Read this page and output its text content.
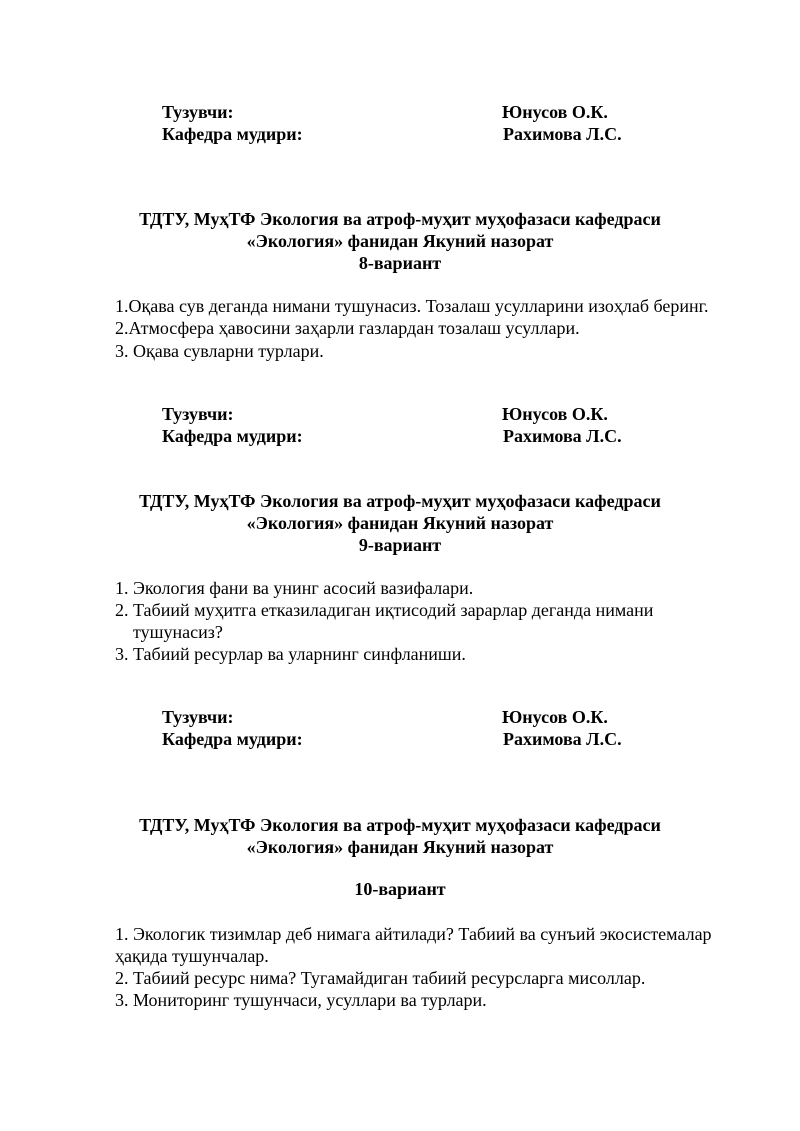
Тузувчи:	Юнусов О.К.
Кафедра мудири:	Рахимова Л.С.
ТДТУ, МуҳТФ Экология ва атроф-муҳит муҳофазаси кафедраси
«Экология» фанидан Якуний назорат
8-вариант
1.Оқава сув деганда нимани тушунасиз. Тозалаш усулларини изоҳлаб беринг.
2.Атмосфера ҳавосини заҳарли газлардан тозалаш усуллари.
3. Оқава сувларни турлари.
Тузувчи:	Юнусов О.К.
Кафедра мудири:	Рахимова Л.С.
ТДТУ, МуҳТФ Экология ва атроф-муҳит муҳофазаси кафедраси
«Экология» фанидан Якуний назорат
9-вариант
1. Экология фани ва унинг асосий вазифалари.
2. Табиий муҳитга етказиладиган иқтисодий зарарлар деганда нимани
тушунасиз?
3. Табиий ресурлар ва уларнинг синфланиши.
Тузувчи:	Юнусов О.К.
Кафедра мудири:	Рахимова Л.С.
ТДТУ, МуҳТФ Экология ва атроф-муҳит муҳофазаси кафедраси
«Экология» фанидан Якуний назорат
10-вариант
1. Экологик тизимлар деб нимага айтилади? Табиий ва сунъий экосистемалар
ҳақида тушунчалар.
2. Табиий ресурс нима? Тугамайдиган табиий ресурсларга мисоллар.
3. Мониторинг тушунчаси, усуллари ва турлари.
